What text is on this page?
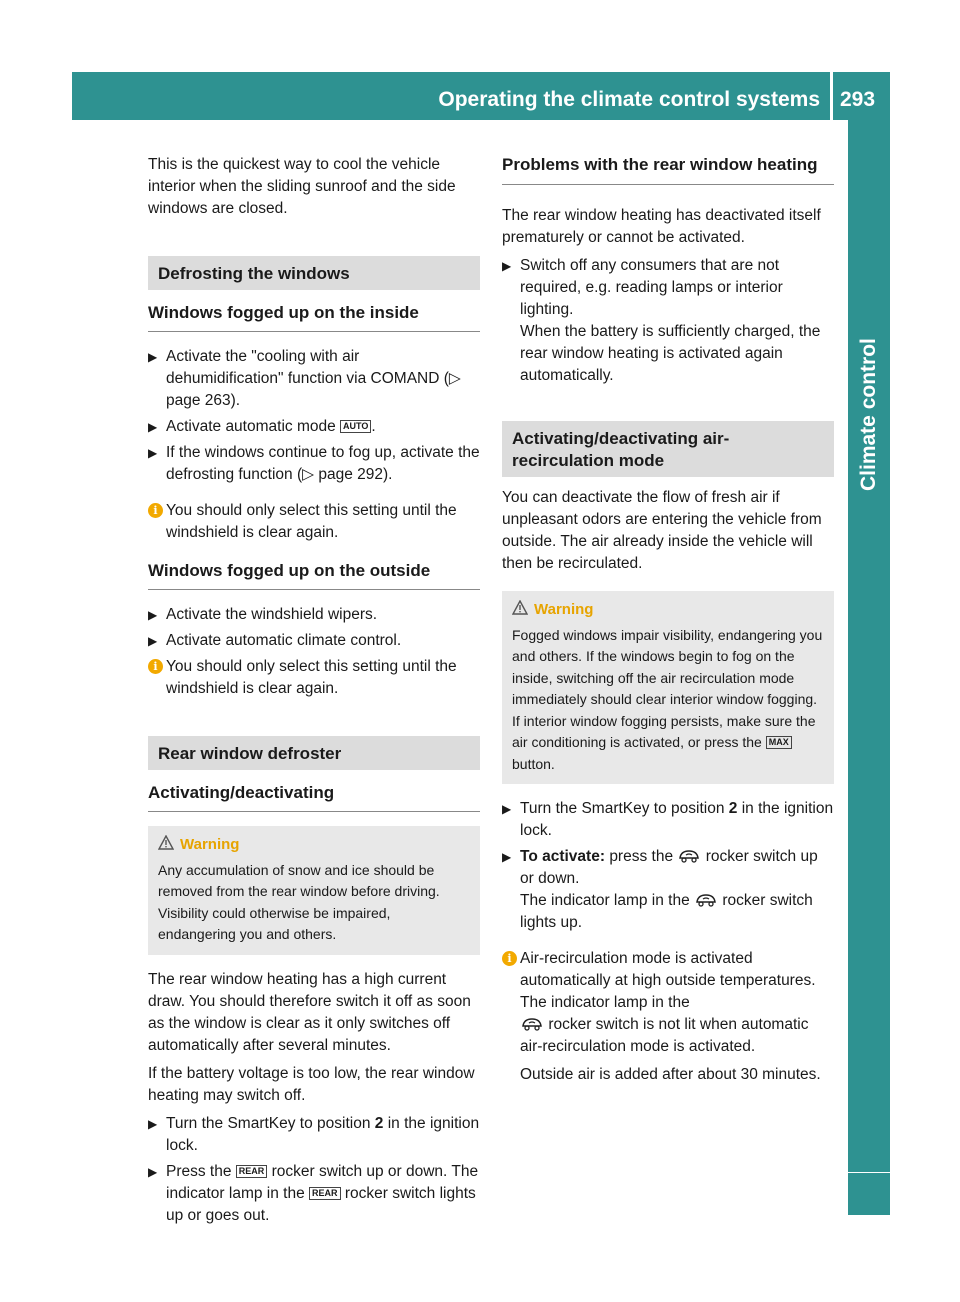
Operating the climate control systems 293
Climate control

This is the quickest way to cool the vehicle interior when the sliding sunroof and the side windows are closed.

Defrosting the windows
Windows fogged up on the inside
▶ Activate the "cooling with air dehumidification" function via COMAND (▷ page 263).
▶ Activate automatic mode AUTO .
▶ If the windows continue to fog up, activate the defrosting function (▷ page 292).
i You should only select this setting until the windshield is clear again.
Windows fogged up on the outside
▶ Activate the windshield wipers.
▶ Activate automatic climate control.
i You should only select this setting until the windshield is clear again.
Rear window defroster
Activating/deactivating
Warning
Any accumulation of snow and ice should be removed from the rear window before driving. Visibility could otherwise be impaired, endangering you and others.

The rear window heating has a high current draw. You should therefore switch it off as soon as the window is clear as it only switches off automatically after several minutes.

If the battery voltage is too low, the rear window heating may switch off.

▶ Turn the SmartKey to position 2 in the ignition lock.
▶ Press the REAR rocker switch up or down. The indicator lamp in the REAR rocker switch lights up or goes out.
Problems with the rear window heating

The rear window heating has deactivated itself prematurely or cannot be activated.

▶ Switch off any consumers that are not required, e.g. reading lamps or interior lighting.
When the battery is sufficiently charged, the rear window heating is activated again automatically.
Activating/deactivating air-recirculation mode

You can deactivate the flow of fresh air if unpleasant odors are entering the vehicle from outside. The air already inside the vehicle will then be recirculated.

Warning
Fogged windows impair visibility, endangering you and others. If the windows begin to fog on the inside, switching off the air recirculation mode immediately should clear interior window fogging. If interior window fogging persists, make sure the air conditioning is activated, or press the MAX button.
▶ Turn the SmartKey to position 2 in the ignition lock.
▶ To activate: press the rocker switch up or down.
The indicator lamp in the rocker switch lights up.
i Air-recirculation mode is activated automatically at high outside temperatures. The indicator lamp in the
rocker switch is not lit when automatic air-recirculation mode is activated.
Outside air is added after about 30 minutes.
